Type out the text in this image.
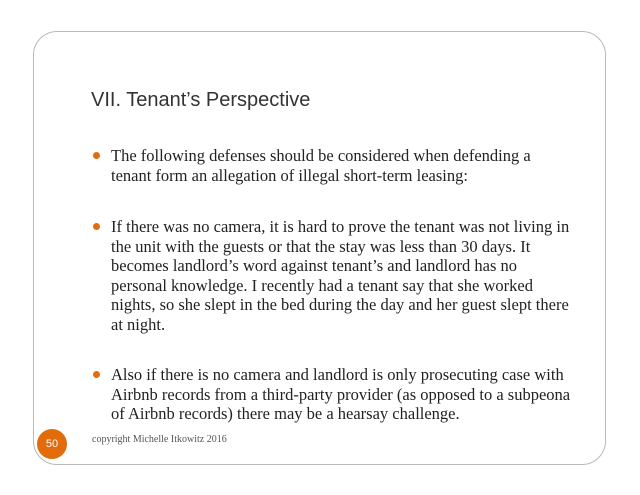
VII. Tenant’s Perspective
The following defenses should be considered when defending a tenant form an allegation of illegal short-term leasing:
If there was no camera, it is hard to prove the tenant was not living in the unit with the guests or that the stay was less than 30 days. It becomes landlord’s word against tenant’s and landlord has no personal knowledge. I recently had a tenant say that she worked nights, so she slept in the bed during the day and her guest slept there at night.
Also if there is no camera and landlord is only prosecuting case with Airbnb records from a third-party provider (as opposed to a subpeona of Airbnb records) there may be a hearsay challenge.
50	copyright Michelle Itkowitz 2016
